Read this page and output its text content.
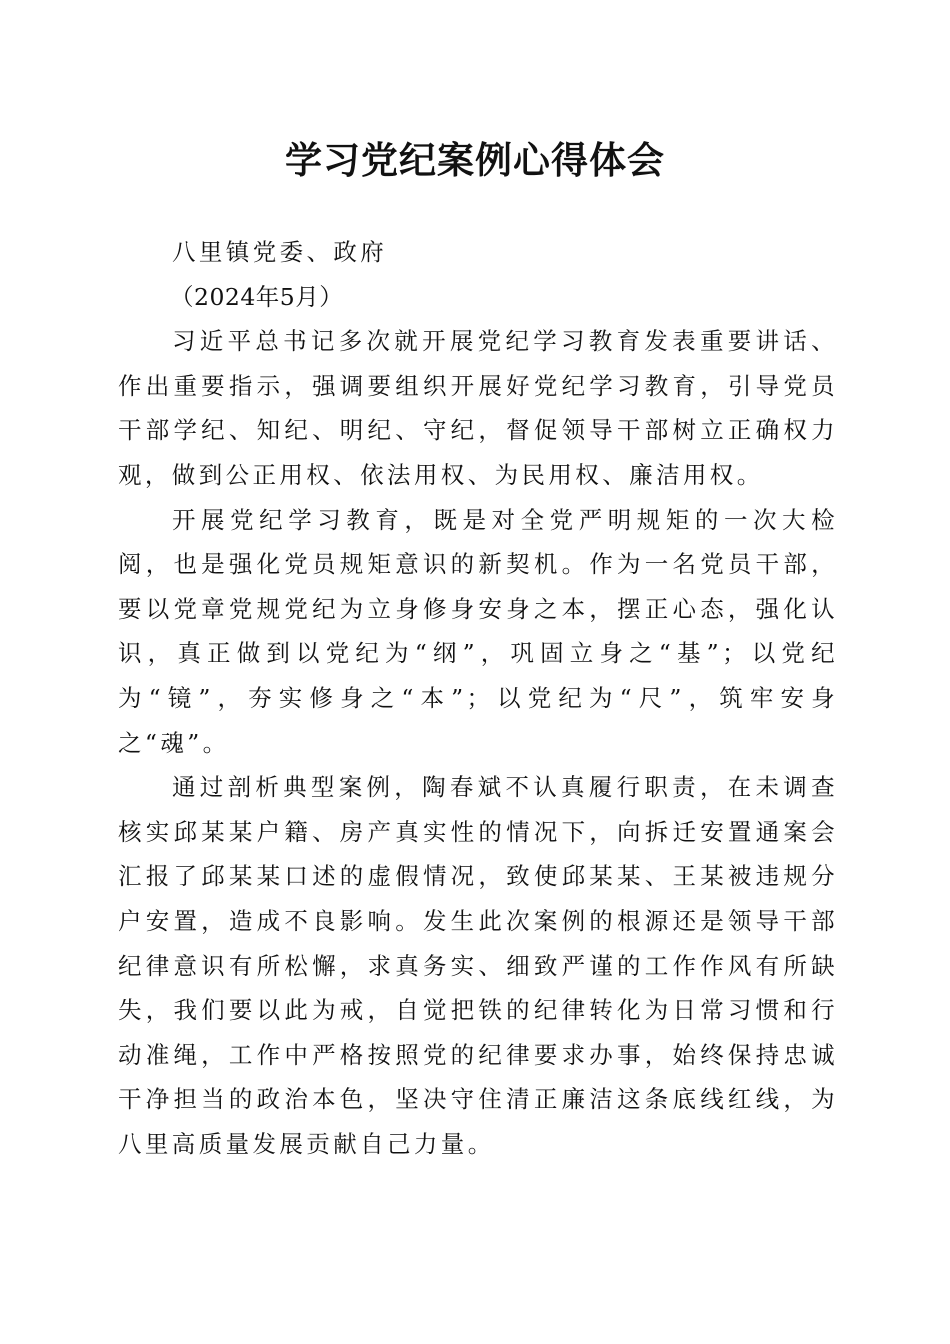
学习党纪案例心得体会

八里镇党委、政府

（2024年5月）

习近平总书记多次就开展党纪学习教育发表重要讲话、作出重要指示，强调要组织开展好党纪学习教育，引导党员干部学纪、知纪、明纪、守纪，督促领导干部树立正确权力观，做到公正用权、依法用权、为民用权、廉洁用权。

开展党纪学习教育，既是对全党严明规矩的一次大检阅，也是强化党员规矩意识的新契机。作为一名党员干部，要以党章党规党纪为立身修身安身之本，摆正心态，强化认识，真正做到以党纪为“纲”，巩固立身之“基”；以党纪为“镜”，夯实修身之“本”；以党纪为“尺”，筑牢安身之“魂”。

通过剖析典型案例，陶春斌不认真履行职责，在未调查核实邱某某户籍、房产真实性的情况下，向拆迁安置通案会汇报了邱某某口述的虚假情况，致使邱某某、王某被违规分户安置，造成不良影响。发生此次案例的根源还是领导干部纪律意识有所松懈，求真务实、细致严谨的工作作风有所缺失，我们要以此为戒，自觉把铁的纪律转化为日常习惯和行动准绳，工作中严格按照党的纪律要求办事，始终保持忠诚干净担当的政治本色，坚决守住清正廉洁这条底线红线，为八里高质量发展贡献自己力量。
